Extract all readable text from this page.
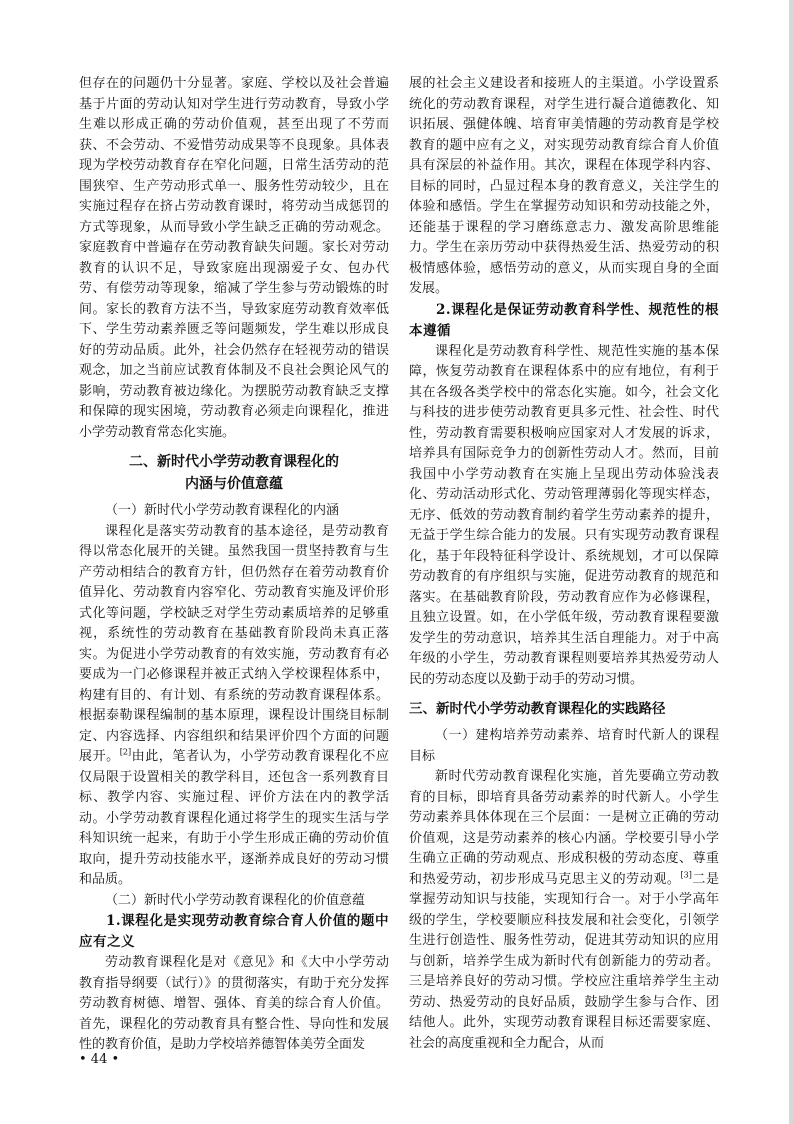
但存在的问题仍十分显著。家庭、学校以及社会普遍基于片面的劳动认知对学生进行劳动教育，导致小学生难以形成正确的劳动价值观，甚至出现了不劳而获、不会劳动、不爱惜劳动成果等不良现象。具体表现为学校劳动教育存在窄化问题，日常生活劳动的范围狭窄、生产劳动形式单一、服务性劳动较少，且在实施过程存在挤占劳动教育课时，将劳动当成惩罚的方式等现象，从而导致小学生缺乏正确的劳动观念。家庭教育中普遍存在劳动教育缺失问题。家长对劳动教育的认识不足，导致家庭出现溺爱子女、包办代劳、有偿劳动等现象，缩减了学生参与劳动锻炼的时间。家长的教育方法不当，导致家庭劳动教育效率低下、学生劳动素养匮乏等问题频发，学生难以形成良好的劳动品质。此外，社会仍然存在轻视劳动的错误观念，加之当前应试教育体制及不良社会舆论风气的影响，劳动教育被边缘化。为摆脱劳动教育缺乏支撑和保障的现实困境，劳动教育必须走向课程化，推进小学劳动教育常态化实施。

二、新时代小学劳动教育课程化的
内涵与价值意蕴

（一）新时代小学劳动教育课程化的内涵

课程化是落实劳动教育的基本途径，是劳动教育得以常态化展开的关键。虽然我国一贯坚持教育与生产劳动相结合的教育方针，但仍然存在着劳动教育价值异化、劳动教育内容窄化、劳动教育实施及评价形式化等问题，学校缺乏对学生劳动素质培养的足够重视，系统性的劳动教育在基础教育阶段尚未真正落实。为促进小学劳动教育的有效实施，劳动教育有必要成为一门必修课程并被正式纳入学校课程体系中，构建有目的、有计划、有系统的劳动教育课程体系。根据泰勒课程编制的基本原理，课程设计围绕目标制定、内容选择、内容组织和结果评价四个方面的问题展开。[2]由此，笔者认为，小学劳动教育课程化不应仅局限于设置相关的教学科目，还包含一系列教育目标、教学内容、实施过程、评价方法在内的教学活动。小学劳动教育课程化通过将学生的现实生活与学科知识统一起来，有助于小学生形成正确的劳动价值取向，提升劳动技能水平，逐渐养成良好的劳动习惯和品质。

（二）新时代小学劳动教育课程化的价值意蕴

1.课程化是实现劳动教育综合育人价值的题中应有之义

劳动教育课程化是对《意见》和《大中小学劳动教育指导纲要（试行）》的贯彻落实，有助于充分发挥劳动教育树德、增智、强体、育美的综合育人价值。首先，课程化的劳动教育具有整合性、导向性和发展性的教育价值，是助力学校培养德智体美劳全面发

展的社会主义建设者和接班人的主渠道。小学设置系统化的劳动教育课程，对学生进行凝合道德教化、知识拓展、强健体魄、培育审美情趣的劳动教育是学校教育的题中应有之义，对实现劳动教育综合育人价值具有深层的补益作用。其次，课程在体现学科内容、目标的同时，凸显过程本身的教育意义，关注学生的体验和感悟。学生在掌握劳动知识和劳动技能之外，还能基于课程的学习磨练意志力、激发高阶思维能力。学生在亲历劳动中获得热爱生活、热爱劳动的积极情感体验，感悟劳动的意义，从而实现自身的全面发展。

2.课程化是保证劳动教育科学性、规范性的根本遵循

课程化是劳动教育科学性、规范性实施的基本保障，恢复劳动教育在课程体系中的应有地位，有利于其在各级各类学校中的常态化实施。如今，社会文化与科技的进步使劳动教育更具多元性、社会性、时代性，劳动教育需要积极响应国家对人才发展的诉求，培养具有国际竞争力的创新性劳动人才。然而，目前我国中小学劳动教育在实施上呈现出劳动体验浅表化、劳动活动形式化、劳动管理薄弱化等现实样态，无序、低效的劳动教育制约着学生劳动素养的提升，无益于学生综合能力的发展。只有实现劳动教育课程化，基于年段特征科学设计、系统规划，才可以保障劳动教育的有序组织与实施，促进劳动教育的规范和落实。在基础教育阶段，劳动教育应作为必修课程，且独立设置。如，在小学低年级，劳动教育课程要激发学生的劳动意识，培养其生活自理能力。对于中高年级的小学生，劳动教育课程则要培养其热爱劳动人民的劳动态度以及勤于动手的劳动习惯。

三、新时代小学劳动教育课程化的实践路径

（一）建构培养劳动素养、培育时代新人的课程目标

新时代劳动教育课程化实施，首先要确立劳动教育的目标，即培育具备劳动素养的时代新人。小学生劳动素养具体体现在三个层面：一是树立正确的劳动价值观，这是劳动素养的核心内涵。学校要引导小学生确立正确的劳动观点、形成积极的劳动态度、尊重和热爱劳动，初步形成马克思主义的劳动观。[3]二是掌握劳动知识与技能，实现知行合一。对于小学高年级的学生，学校要顺应科技发展和社会变化，引领学生进行创造性、服务性劳动，促进其劳动知识的应用与创新，培养学生成为新时代有创新能力的劳动者。三是培养良好的劳动习惯。学校应注重培养学生主动劳动、热爱劳动的良好品质，鼓励学生参与合作、团结他人。此外，实现劳动教育课程目标还需要家庭、社会的高度重视和全力配合，从而

• 44 •
